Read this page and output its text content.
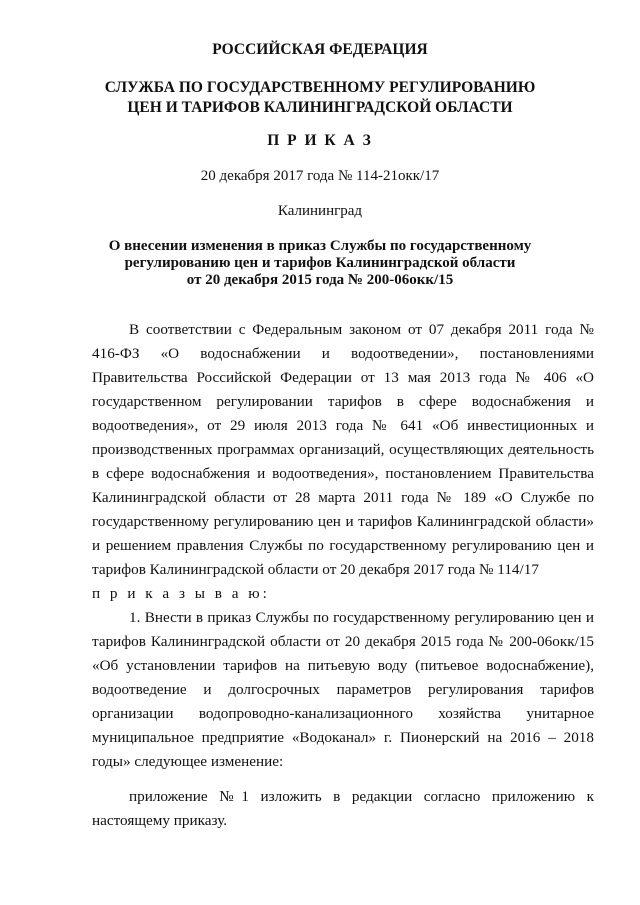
РОССИЙСКАЯ ФЕДЕРАЦИЯ
СЛУЖБА ПО ГОСУДАРСТВЕННОМУ РЕГУЛИРОВАНИЮ
ЦЕН И ТАРИФОВ КАЛИНИНГРАДСКОЙ ОБЛАСТИ
П Р И К А З
20 декабря 2017 года № 114-21окк/17
Калининград
О внесении изменения в приказ Службы по государственному
регулированию цен и тарифов Калининградской области
от 20 декабря 2015 года № 200-06окк/15

В соответствии с Федеральным законом от 07 декабря 2011 года № 416-ФЗ «О водоснабжении и водоотведении», постановлениями Правительства Российской Федерации от 13 мая 2013 года № 406 «О государственном регулировании тарифов в сфере водоснабжения и водоотведения», от 29 июля 2013 года № 641 «Об инвестиционных и производственных программах организаций, осуществляющих деятельность в сфере водоснабжения и водоотведения», постановлением Правительства Калининградской области от 28 марта 2011 года № 189 «О Службе по государственному регулированию цен и тарифов Калининградской области» и решением правления Службы по государственному регулированию цен и тарифов Калининградской области от 20 декабря 2017 года № 114/17

п р и к а з ы в а ю:

1. Внести в приказ Службы по государственному регулированию цен и тарифов Калининградской области от 20 декабря 2015 года № 200-06окк/15 «Об установлении тарифов на питьевую воду (питьевое водоснабжение), водоотведение и долгосрочных параметров регулирования тарифов организации водопроводно-канализационного хозяйства унитарное муниципальное предприятие «Водоканал» г. Пионерский на 2016 – 2018 годы» следующее изменение:

приложение №1 изложить в редакции согласно приложению к настоящему приказу.
